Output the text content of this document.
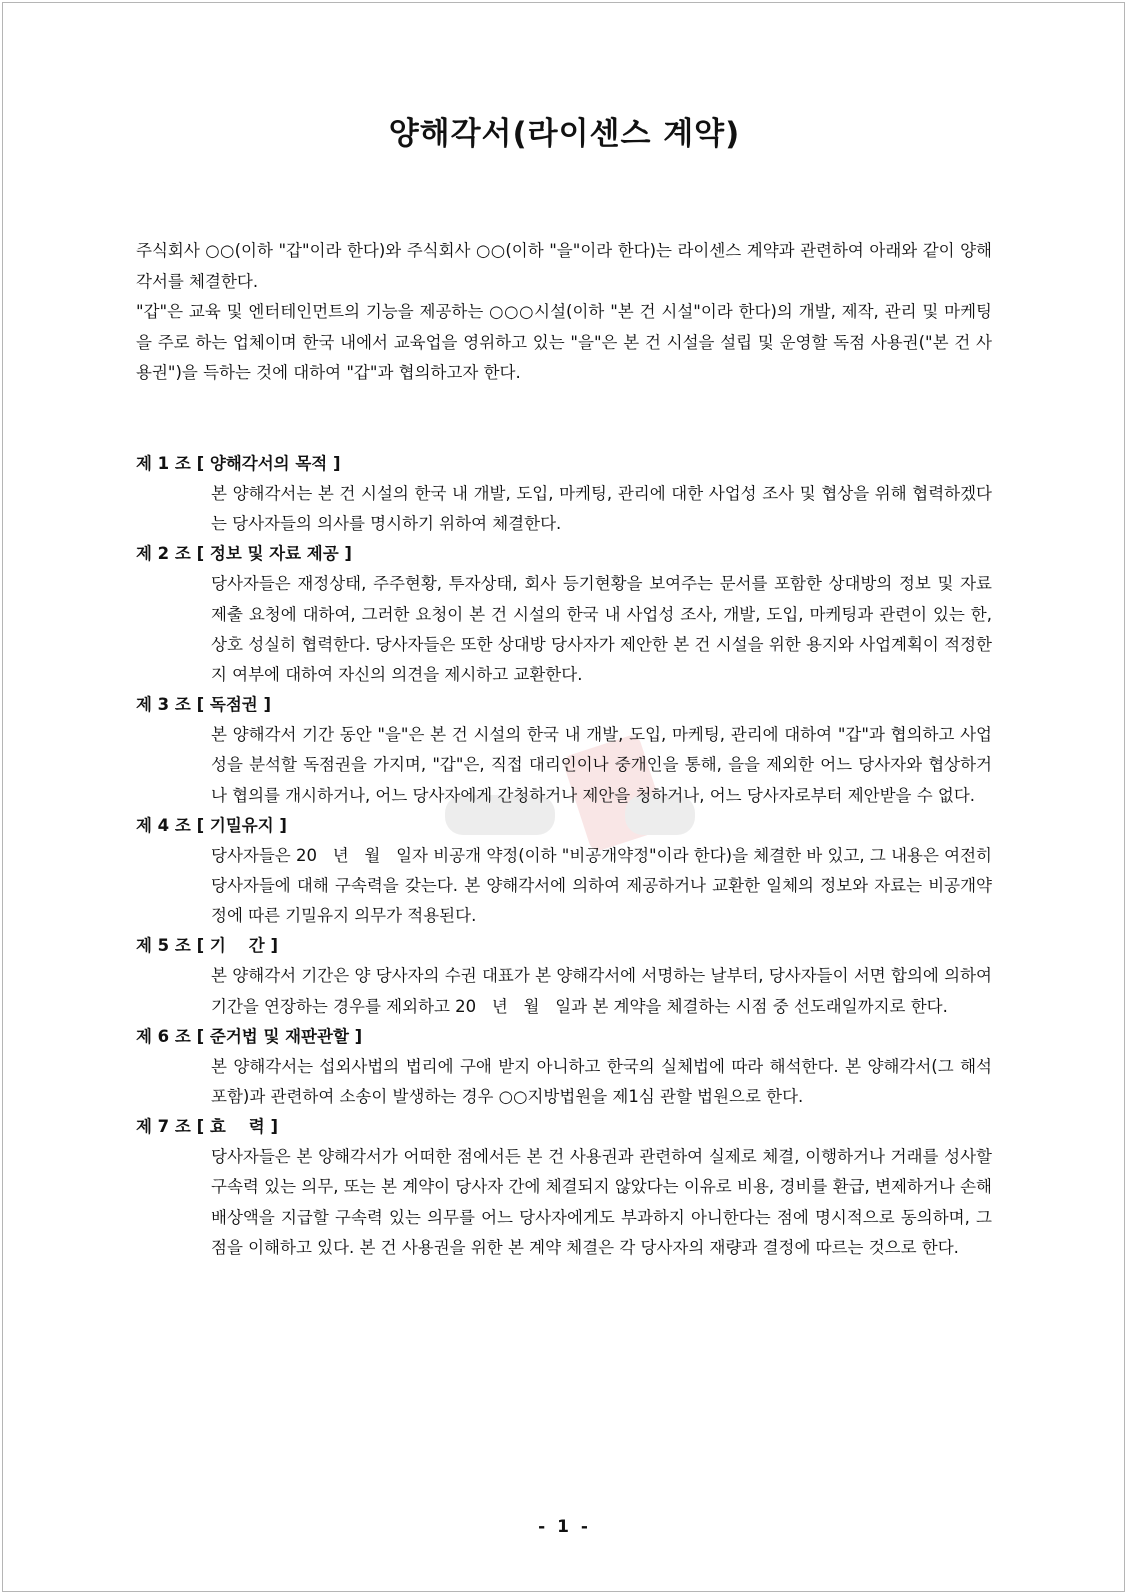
양해각서(라이센스 계약)

주식회사 ○○(이하 "갑"이라 한다)와 주식회사 ○○(이하 "을"이라 한다)는 라이센스 계약과 관련하여 아래와 같이 양해각서를 체결한다.

"갑"은 교육 및 엔터테인먼트의 기능을 제공하는 ○○○시설(이하 "본 건 시설"이라 한다)의 개발, 제작, 관리 및 마케팅을 주로 하는 업체이며 한국 내에서 교육업을 영위하고 있는 "을"은 본 건 시설을 설립 및 운영할 독점 사용권("본 건 사용권")을 득하는 것에 대하여 "갑"과 협의하고자 한다.

제 1 조 [ 양해각서의 목적 ]

본 양해각서는 본 건 시설의 한국 내 개발, 도입, 마케팅, 관리에 대한 사업성 조사 및 협상을 위해 협력하겠다는 당사자들의 의사를 명시하기 위하여 체결한다.

제 2 조 [ 정보 및 자료 제공 ]

당사자들은 재정상태, 주주현황, 투자상태, 회사 등기현황을 보여주는 문서를 포함한 상대방의 정보 및 자료 제출 요청에 대하여, 그러한 요청이 본 건 시설의 한국 내 사업성 조사, 개발, 도입, 마케팅과 관련이 있는 한, 상호 성실히 협력한다. 당사자들은 또한 상대방 당사자가 제안한 본 건 시설을 위한 용지와 사업계획이 적정한지 여부에 대하여 자신의 의견을 제시하고 교환한다.

제 3 조 [ 독점권 ]

본 양해각서 기간 동안 "을"은 본 건 시설의 한국 내 개발, 도입, 마케팅, 관리에 대하여 "갑"과 협의하고 사업성을 분석할 독점권을 가지며, "갑"은, 직접 대리인이나 중개인을 통해, 을을 제외한 어느 당사자와 협상하거나 협의를 개시하거나, 어느 당사자에게 간청하거나 제안을 청하거나, 어느 당사자로부터 제안받을 수 없다.

제 4 조 [ 기밀유지 ]

당사자들은 20   년   월   일자 비공개 약정(이하 "비공개약정"이라 한다)을 체결한 바 있고, 그 내용은 여전히 당사자들에 대해 구속력을 갖는다. 본 양해각서에 의하여 제공하거나 교환한 일체의 정보와 자료는 비공개약정에 따른 기밀유지 의무가 적용된다.

제 5 조 [ 기    간 ]

본 양해각서 기간은 양 당사자의 수권 대표가 본 양해각서에 서명하는 날부터, 당사자들이 서면 합의에 의하여 기간을 연장하는 경우를 제외하고 20   년   월   일과 본 계약을 체결하는 시점 중 선도래일까지로 한다.

제 6 조 [ 준거법 및 재판관할 ]

본 양해각서는 섭외사법의 법리에 구애 받지 아니하고 한국의 실체법에 따라 해석한다. 본 양해각서(그 해석 포함)과 관련하여 소송이 발생하는 경우 ○○지방법원을 제1심 관할 법원으로 한다.

제 7 조 [ 효    력 ]

당사자들은 본 양해각서가 어떠한 점에서든 본 건 사용권과 관련하여 실제로 체결, 이행하거나 거래를 성사할 구속력 있는 의무, 또는 본 계약이 당사자 간에 체결되지 않았다는 이유로 비용, 경비를 환급, 변제하거나 손해배상액을 지급할 구속력 있는 의무를 어느 당사자에게도 부과하지 아니한다는 점에 명시적으로 동의하며, 그 점을 이해하고 있다. 본 건 사용권을 위한 본 계약 체결은 각 당사자의 재량과 결정에 따르는 것으로 한다.

- 1 -
